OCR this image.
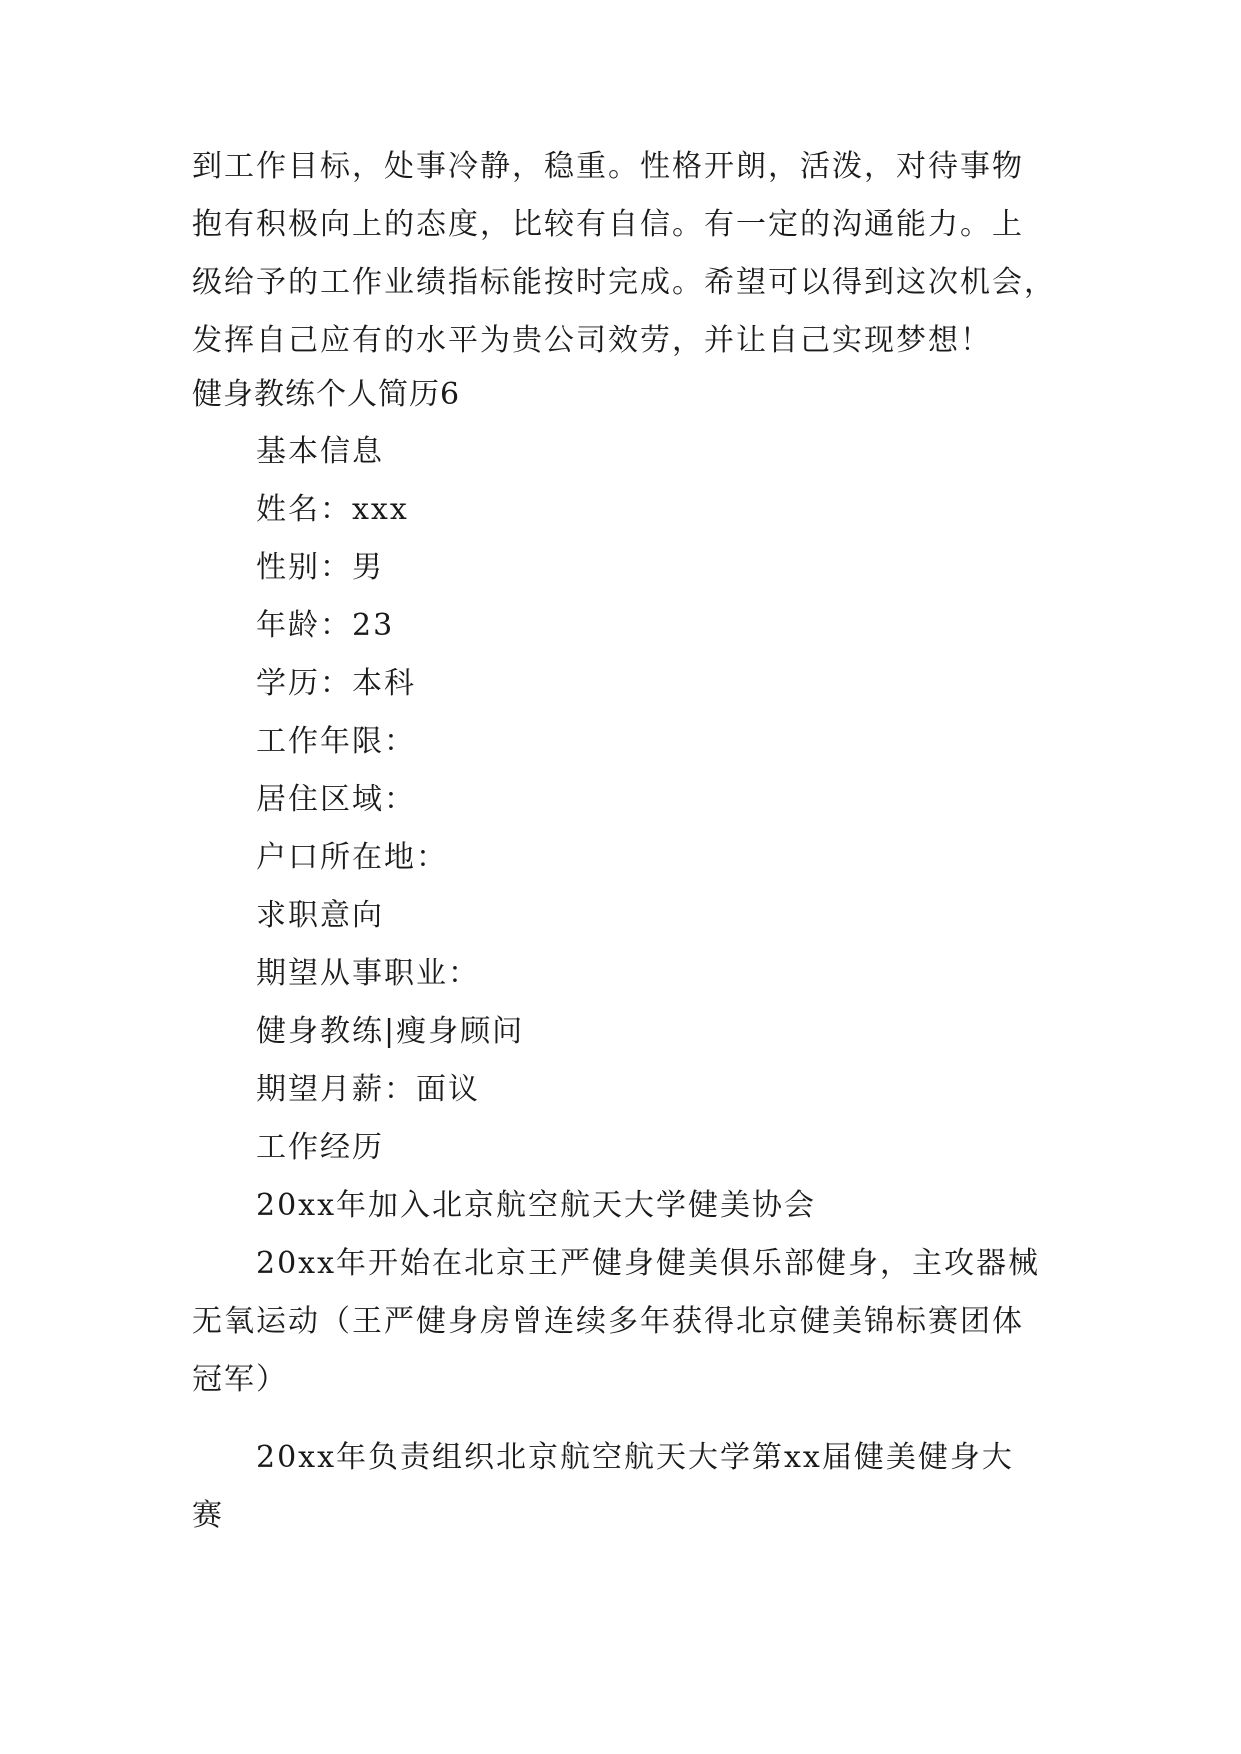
到工作目标，处事冷静，稳重。性格开朗，活泼，对待事物
抱有积极向上的态度，比较有自信。有一定的沟通能力。上
级给予的工作业绩指标能按时完成。希望可以得到这次机会，
发挥自己应有的水平为贵公司效劳，并让自己实现梦想！
健身教练个人简历6
基本信息
姓名：xxx
性别：男
年龄：23
学历：本科
工作年限：
居住区域：
户口所在地：
求职意向
期望从事职业：
健身教练|瘦身顾问
期望月薪：面议
工作经历
20xx年加入北京航空航天大学健美协会
20xx年开始在北京王严健身健美俱乐部健身，主攻器械
无氧运动（王严健身房曾连续多年获得北京健美锦标赛团体
冠军）
20xx年负责组织北京航空航天大学第xx届健美健身大
赛
